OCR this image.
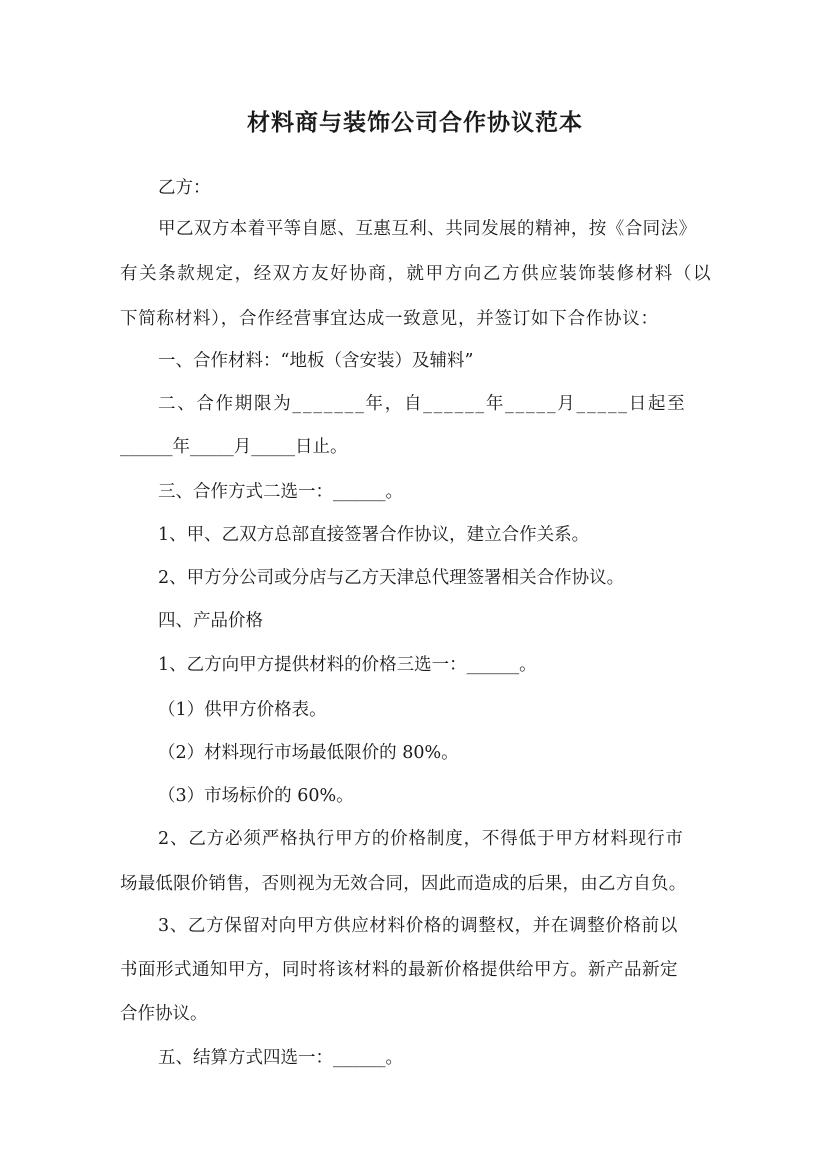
材料商与装饰公司合作协议范本
乙方：
甲乙双方本着平等自愿、互惠互利、共同发展的精神，按《合同法》
有关条款规定，经双方友好协商，就甲方向乙方供应装饰装修材料（以
下简称材料），合作经营事宜达成一致意见，并签订如下合作协议：
一、合作材料：“地板（含安装）及辅料”
二、合作期限为_______年，自______年_____月_____日起至
______年_____月_____日止。
三、合作方式二选一：______。
1、甲、乙双方总部直接签署合作协议，建立合作关系。
2、甲方分公司或分店与乙方天津总代理签署相关合作协议。
四、产品价格
1、乙方向甲方提供材料的价格三选一：______。
（1）供甲方价格表。
（2）材料现行市场最低限价的 80%。
（3）市场标价的 60%。
2、乙方必须严格执行甲方的价格制度，不得低于甲方材料现行市
场最低限价销售，否则视为无效合同，因此而造成的后果，由乙方自负。
3、乙方保留对向甲方供应材料价格的调整权，并在调整价格前以
书面形式通知甲方，同时将该材料的最新价格提供给甲方。新产品新定
合作协议。
五、结算方式四选一：______。
